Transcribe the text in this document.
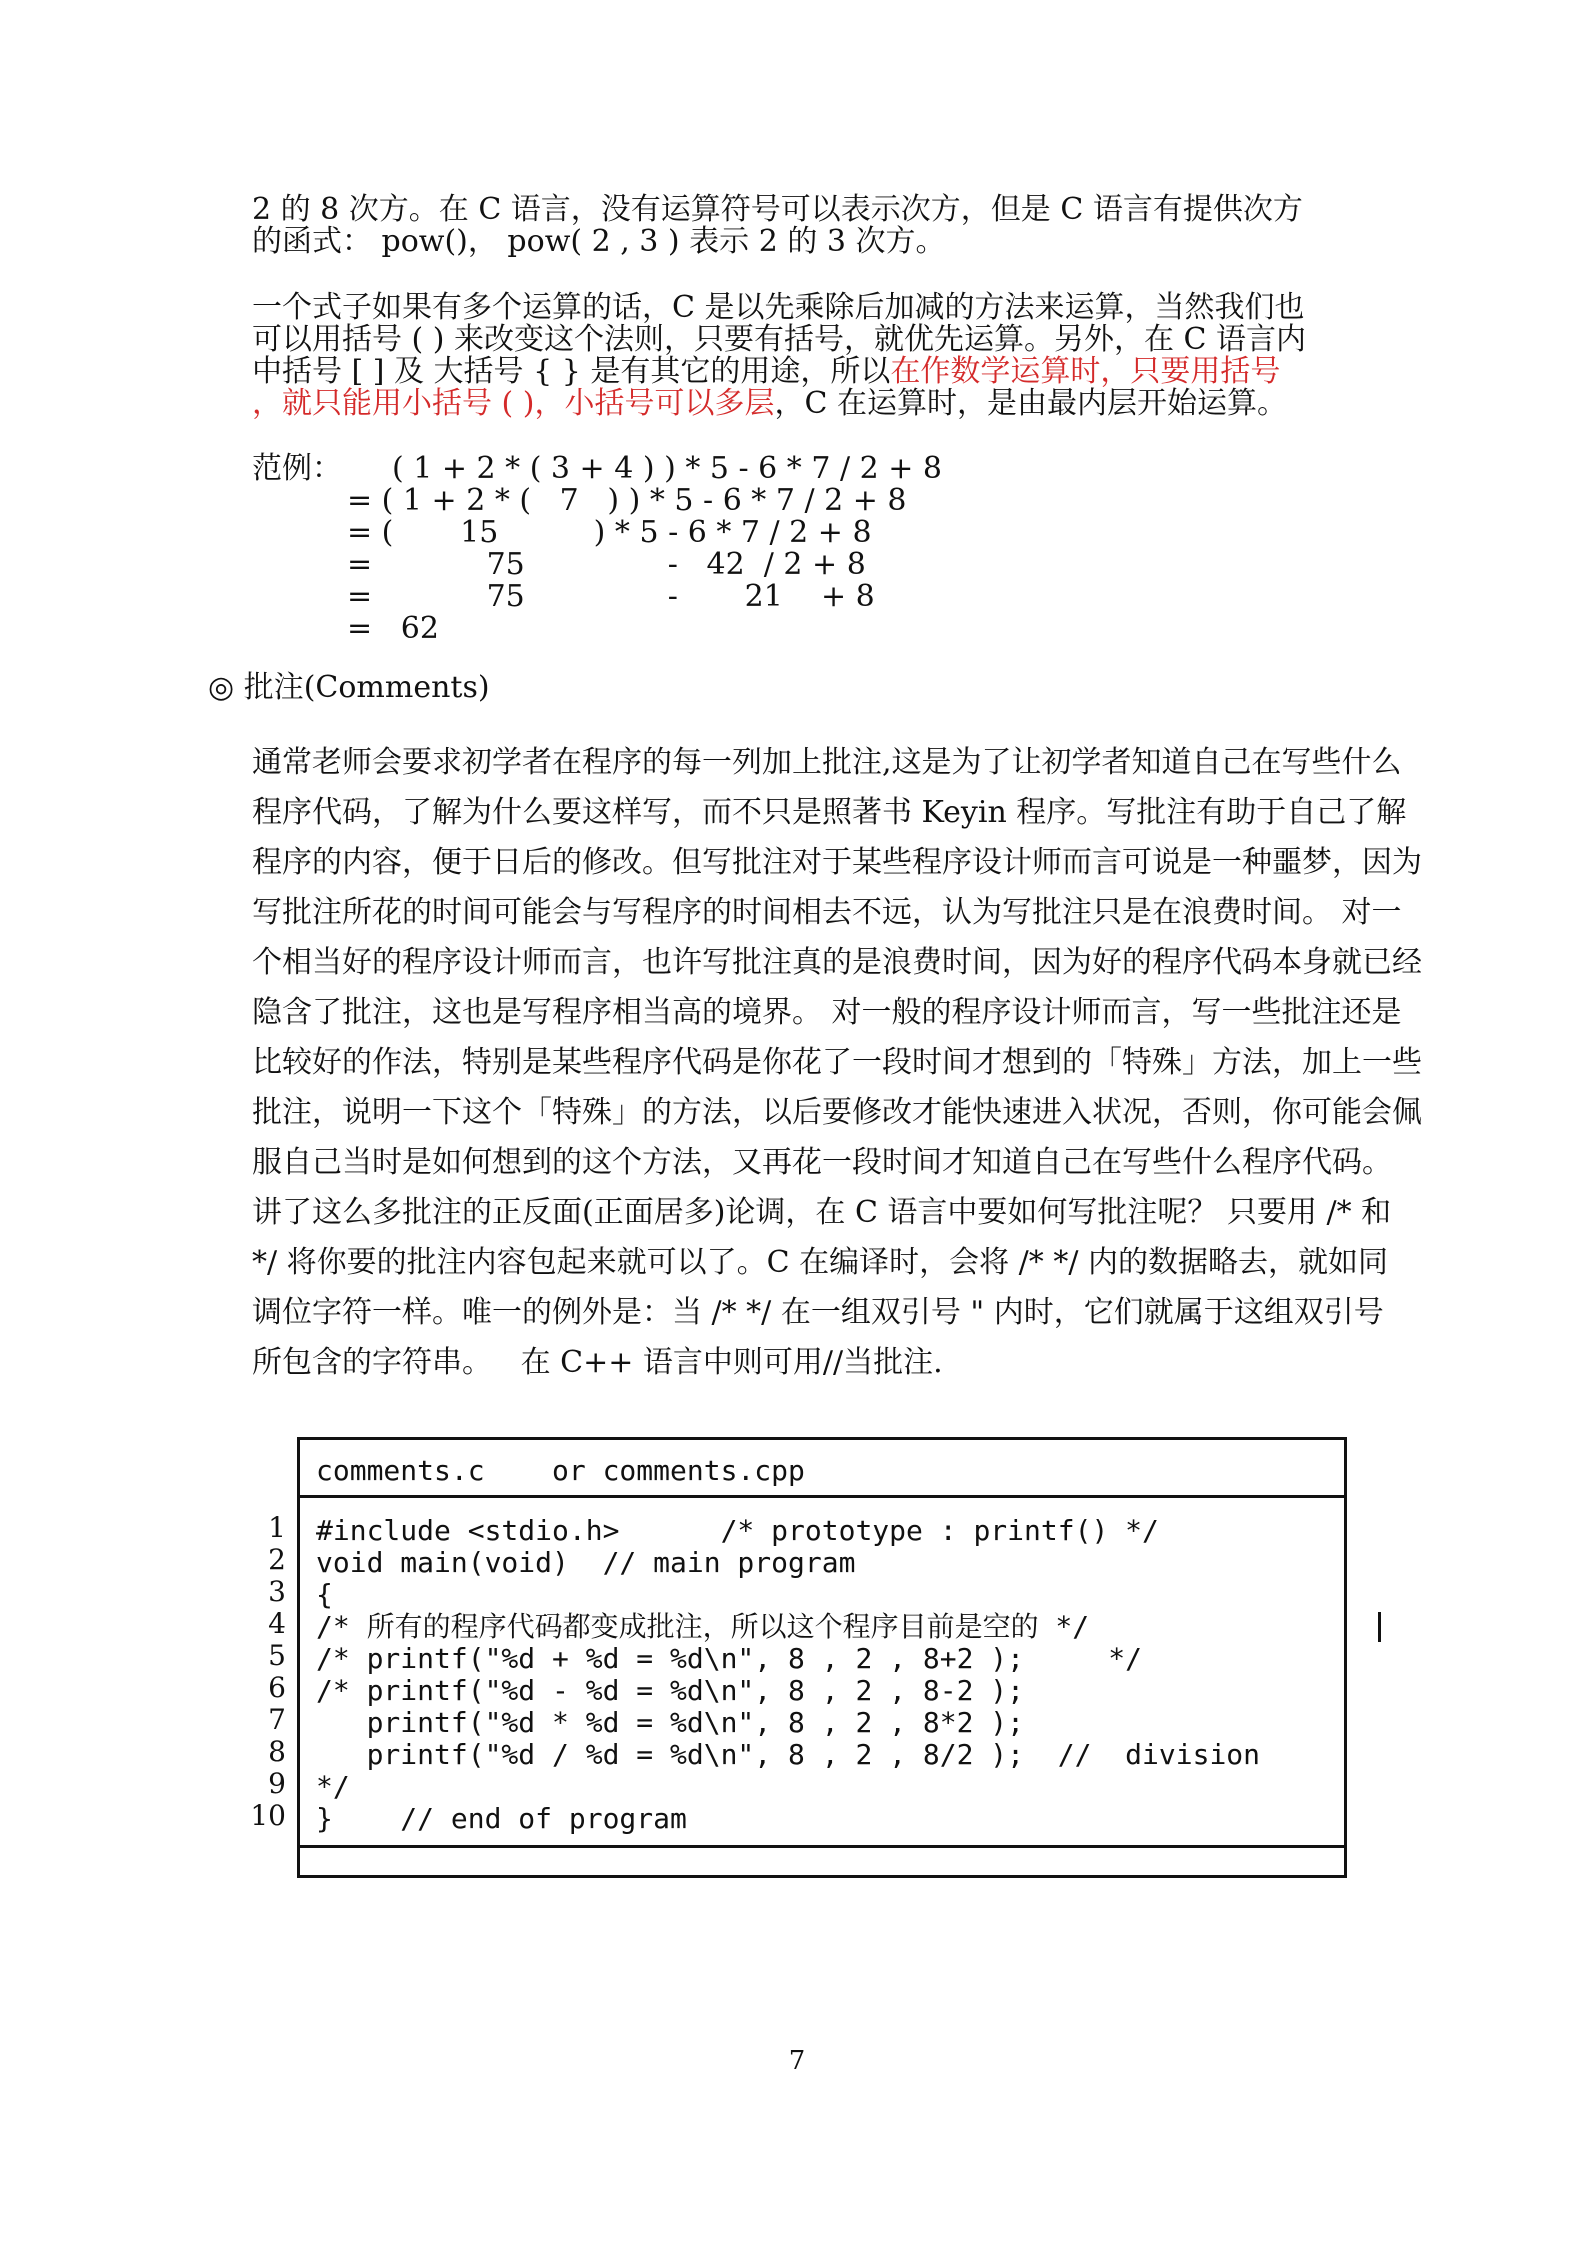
2 的 8 次方。在 C 语言，没有运算符号可以表示次方，但是 C 语言有提供次方
的函式： pow()， pow( 2 , 3 ) 表示 2 的 3 次方。
一个式子如果有多个运算的话，C 是以先乘除后加减的方法来运算，当然我们也
可以用括号 ( ) 来改变这个法则，只要有括号，就优先运算。另外，在 C 语言内
中括号 [ ] 及 大括号 { } 是有其它的用途，所以在作数学运算时，只要用括号
，就只能用小括号 ( )，小括号可以多层，C 在运算时，是由最内层开始运算。
范例： ( 1 + 2 * ( 3 + 4 ) ) * 5 - 6 * 7 / 2 + 8
= ( 1 + 2 * (   7   ) ) * 5 - 6 * 7 / 2 + 8
= (       15          ) * 5 - 6 * 7 / 2 + 8
=            75               -   42  / 2 + 8
=            75               -       21    + 8
=   62
◎ 批注(Comments)
通常老师会要求初学者在程序的每一列加上批注,这是为了让初学者知道自己在写些什么
程序代码，了解为什么要这样写，而不只是照著书 Keyin 程序。写批注有助于自己了解
程序的内容，便于日后的修改。但写批注对于某些程序设计师而言可说是一种噩梦，因为
写批注所花的时间可能会与写程序的时间相去不远，认为写批注只是在浪费时间。 对一
个相当好的程序设计师而言，也许写批注真的是浪费时间，因为好的程序代码本身就已经
隐含了批注，这也是写程序相当高的境界。 对一般的程序设计师而言，写一些批注还是
比较好的作法，特别是某些程序代码是你花了一段时间才想到的「特殊」方法，加上一些
批注，说明一下这个「特殊」的方法，以后要修改才能快速进入状况，否则，你可能会佩
服自己当时是如何想到的这个方法，又再花一段时间才知道自己在写些什么程序代码。
讲了这么多批注的正反面(正面居多)论调，在 C 语言中要如何写批注呢？ 只要用 /* 和
*/ 将你要的批注内容包起来就可以了。C 在编译时，会将 /* */ 内的数据略去，就如同
调位字符一样。唯一的例外是：当 /* */ 在一组双引号 " 内时，它们就属于这组双引号
所包含的字符串。   在 C++ 语言中则可用//当批注.
1
2
3
4
5
6
7
8
9
10
comments.c    or comments.cpp
#include <stdio.h>      /* prototype : printf() */
void main(void)  // main program
{
/* 所有的程序代码都变成批注，所以这个程序目前是空的 */
/* printf("%d + %d = %d\n", 8 , 2 , 8+2 );     */
/* printf("%d - %d = %d\n", 8 , 2 , 8-2 );
printf("%d * %d = %d\n", 8 , 2 , 8*2 );
printf("%d / %d = %d\n", 8 , 2 , 8/2 );  //  division
*/
}    // end of program
7
